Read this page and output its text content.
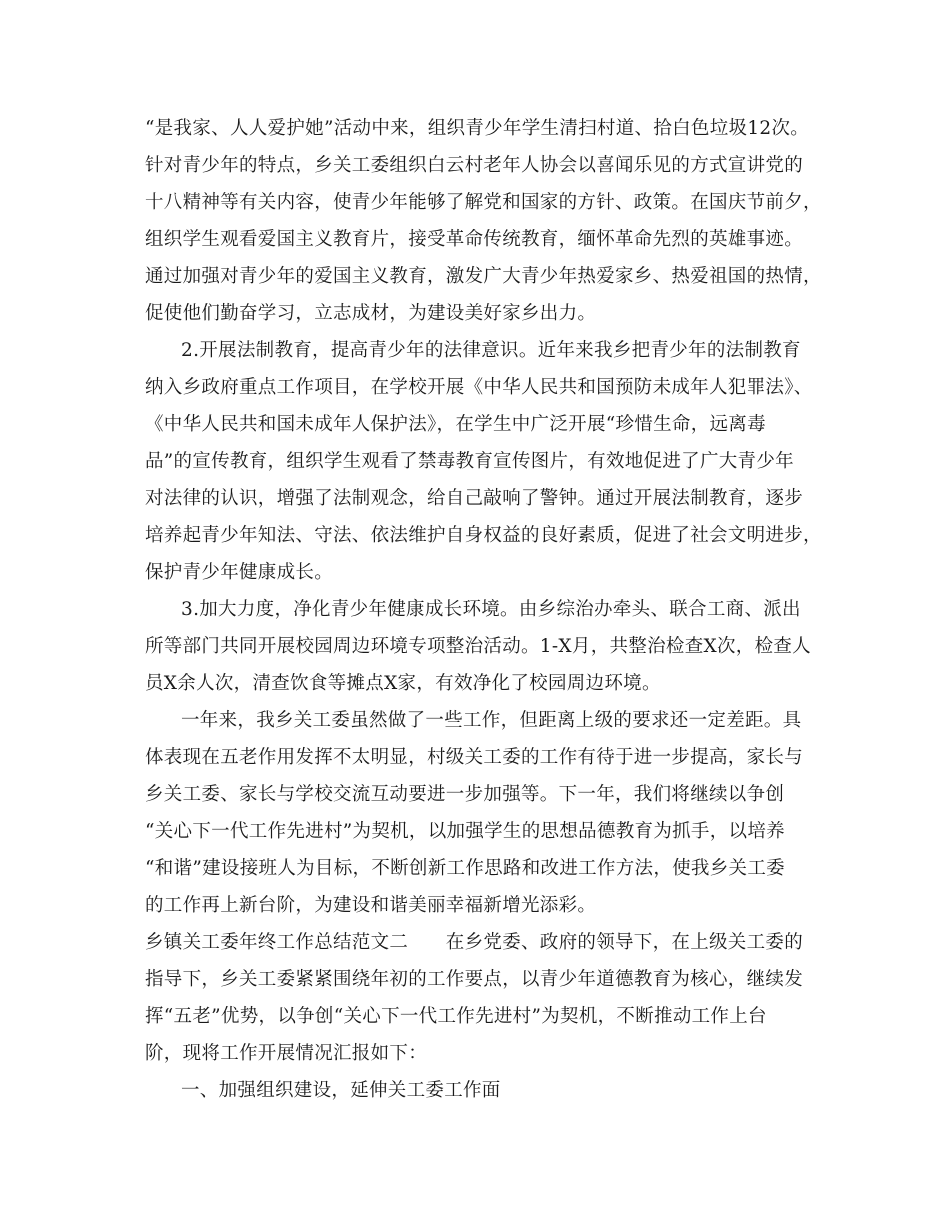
“是我家、人人爱护她”活动中来，组织青少年学生清扫村道、拾白色垃圾12次。
针对青少年的特点，乡关工委组织白云村老年人协会以喜闻乐见的方式宣讲党的
十八精神等有关内容，使青少年能够了解党和国家的方针、政策。在国庆节前夕，
组织学生观看爱国主义教育片，接受革命传统教育，缅怀革命先烈的英雄事迹。
通过加强对青少年的爱国主义教育，激发广大青少年热爱家乡、热爱祖国的热情，
促使他们勤奋学习，立志成材，为建设美好家乡出力。
2.开展法制教育，提高青少年的法律意识。近年来我乡把青少年的法制教育
纳入乡政府重点工作项目，在学校开展《中华人民共和国预防未成年人犯罪法》、
《中华人民共和国未成年人保护法》，在学生中广泛开展“珍惜生命，远离毒
品”的宣传教育，组织学生观看了禁毒教育宣传图片，有效地促进了广大青少年
对法律的认识，增强了法制观念，给自己敲响了警钟。通过开展法制教育，逐步
培养起青少年知法、守法、依法维护自身权益的良好素质，促进了社会文明进步，
保护青少年健康成长。
3.加大力度，净化青少年健康成长环境。由乡综治办牵头、联合工商、派出
所等部门共同开展校园周边环境专项整治活动。1-X月，共整治检查X次，检查人
员X余人次，清查饮食等摊点X家，有效净化了校园周边环境。
一年来，我乡关工委虽然做了一些工作，但距离上级的要求还一定差距。具
体表现在五老作用发挥不太明显，村级关工委的工作有待于进一步提高，家长与
乡关工委、家长与学校交流互动要进一步加强等。下一年，我们将继续以争创
“关心下一代工作先进村”为契机，以加强学生的思想品德教育为抓手，以培养
“和谐”建设接班人为目标，不断创新工作思路和改进工作方法，使我乡关工委
的工作再上新台阶，为建设和谐美丽幸福新增光添彩。
乡镇关工委年终工作总结范文二　　在乡党委、政府的领导下，在上级关工委的
指导下，乡关工委紧紧围绕年初的工作要点，以青少年道德教育为核心，继续发
挥“五老”优势，以争创“关心下一代工作先进村”为契机，不断推动工作上台
阶，现将工作开展情况汇报如下：
一、加强组织建设，延伸关工委工作面
